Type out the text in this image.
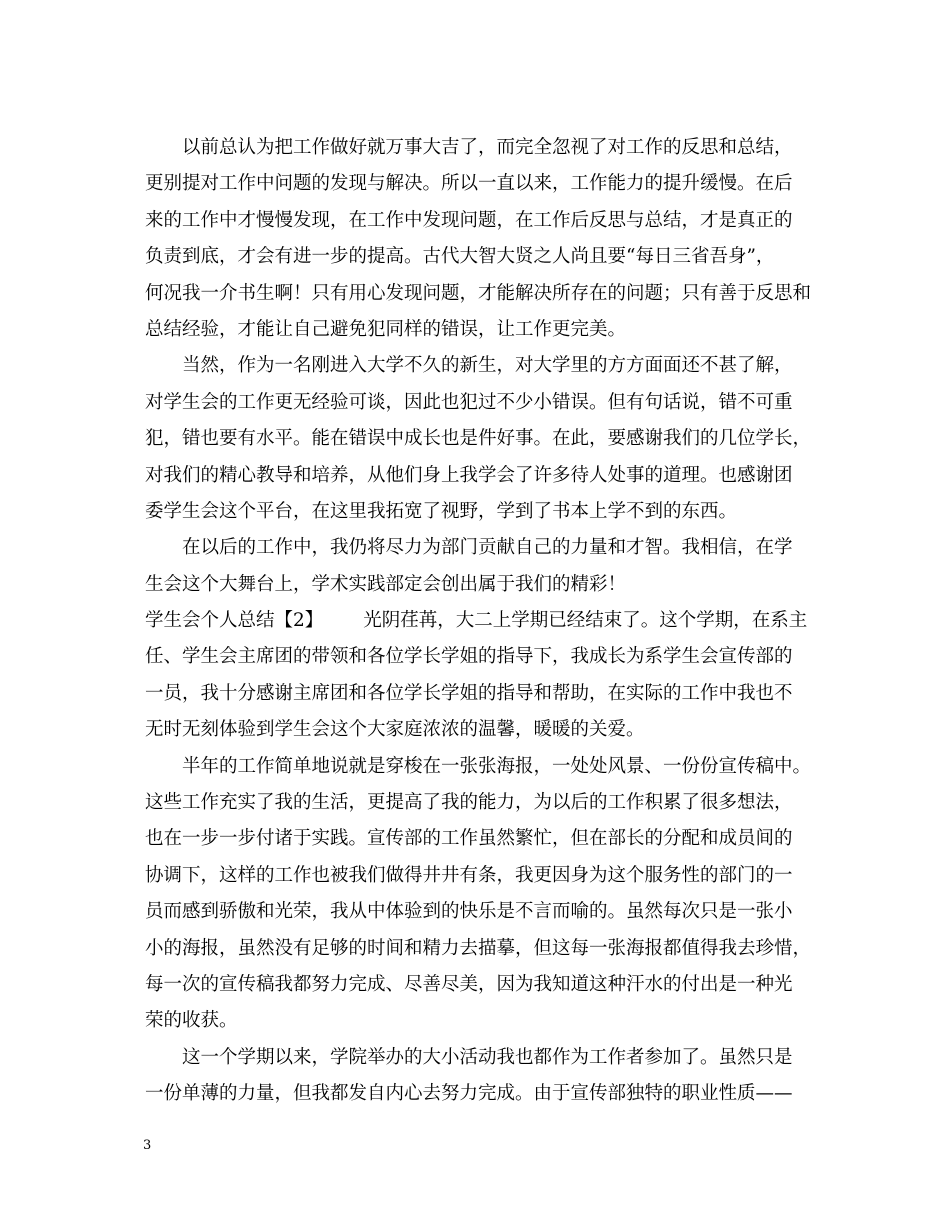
以前总认为把工作做好就万事大吉了，而完全忽视了对工作的反思和总结，
更别提对工作中问题的发现与解决。所以一直以来，工作能力的提升缓慢。在后
来的工作中才慢慢发现，在工作中发现问题，在工作后反思与总结，才是真正的
负责到底，才会有进一步的提高。古代大智大贤之人尚且要“每日三省吾身”，
何况我一介书生啊！只有用心发现问题，才能解决所存在的问题；只有善于反思和
总结经验，才能让自己避免犯同样的错误，让工作更完美。

当然，作为一名刚进入大学不久的新生，对大学里的方方面面还不甚了解，
对学生会的工作更无经验可谈，因此也犯过不少小错误。但有句话说，错不可重
犯，错也要有水平。能在错误中成长也是件好事。在此，要感谢我们的几位学长，
对我们的精心教导和培养，从他们身上我学会了许多待人处事的道理。也感谢团
委学生会这个平台，在这里我拓宽了视野，学到了书本上学不到的东西。

在以后的工作中，我仍将尽力为部门贡献自己的力量和才智。我相信，在学
生会这个大舞台上，学术实践部定会创出属于我们的精彩！

学生会个人总结【2】 光阴荏苒，大二上学期已经结束了。这个学期，在系主

任、学生会主席团的带领和各位学长学姐的指导下，我成长为系学生会宣传部的
一员，我十分感谢主席团和各位学长学姐的指导和帮助，在实际的工作中我也不
无时无刻体验到学生会这个大家庭浓浓的温馨，暖暖的关爱。

半年的工作简单地说就是穿梭在一张张海报，一处处风景、一份份宣传稿中。
这些工作充实了我的生活，更提高了我的能力，为以后的工作积累了很多想法，
也在一步一步付诸于实践。宣传部的工作虽然繁忙，但在部长的分配和成员间的
协调下，这样的工作也被我们做得井井有条，我更因身为这个服务性的部门的一
员而感到骄傲和光荣，我从中体验到的快乐是不言而喻的。虽然每次只是一张小
小的海报，虽然没有足够的时间和精力去描摹，但这每一张海报都值得我去珍惜，
每一次的宣传稿我都努力完成、尽善尽美，因为我知道这种汗水的付出是一种光
荣的收获。

这一个学期以来，学院举办的大小活动我也都作为工作者参加了。虽然只是
一份单薄的力量，但我都发自内心去努力完成。由于宣传部独特的职业性质——

3
